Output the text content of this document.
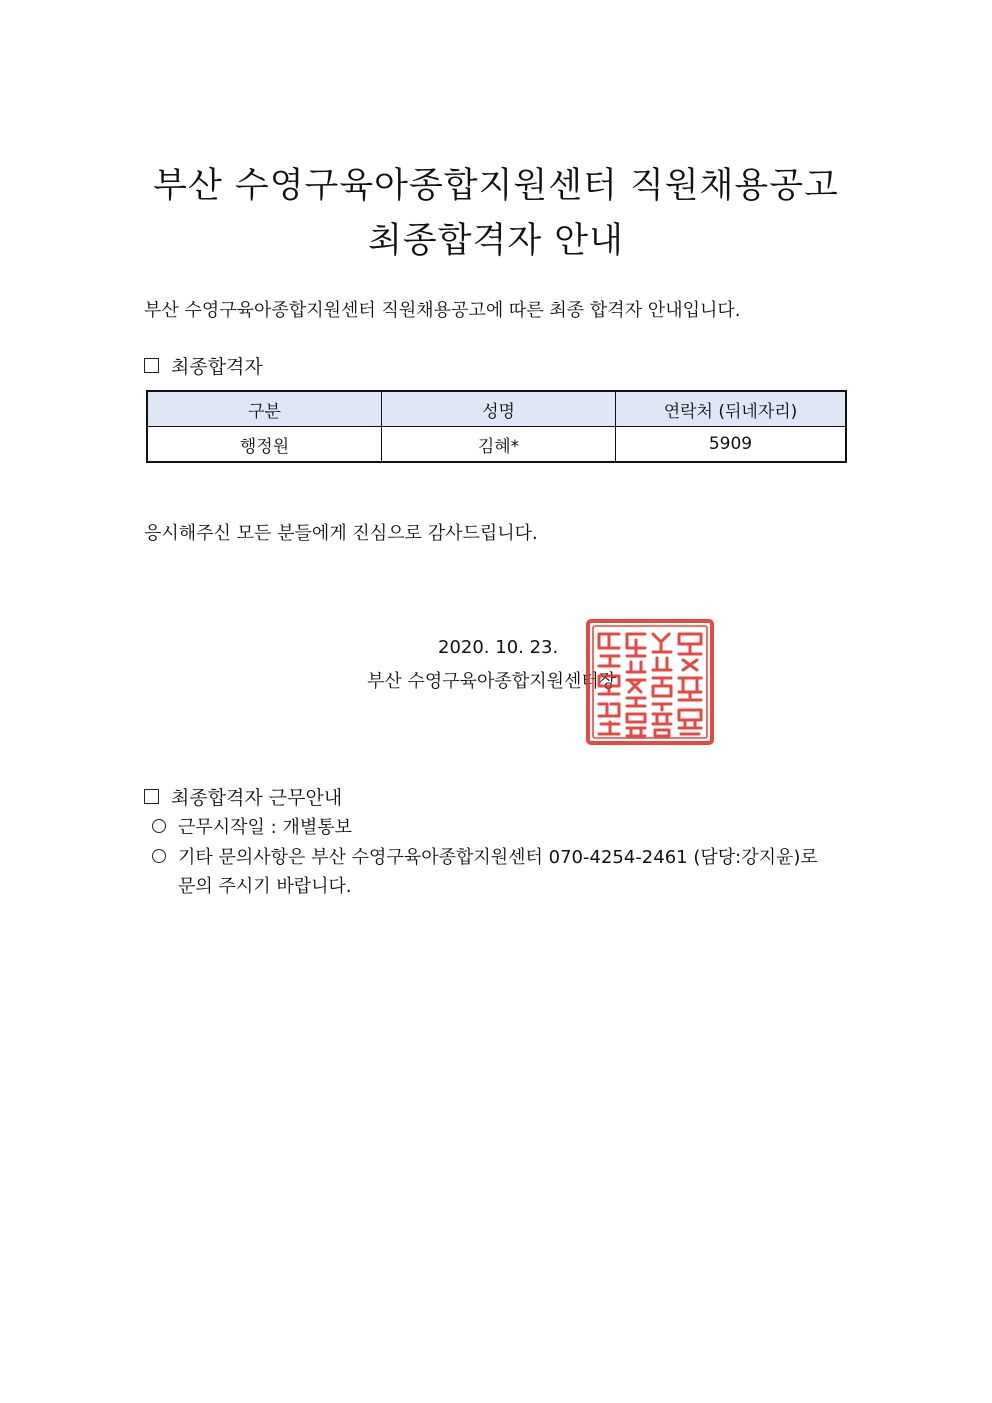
부산 수영구육아종합지원센터 직원채용공고
최종합격자 안내

부산 수영구육아종합지원센터 직원채용공고에 따른 최종 합격자 안내입니다.

최종합격자
구분	성명	연락처 (뒤네자리)
행정원	김혜*	5909

응시해주신 모든 분들에게 진심으로 감사드립니다.

2020. 10. 23.
부산 수영구육아종합지원센터장
최종합격자 근무안내
근무시작일 : 개별통보
기타 문의사항은 부산 수영구육아종합지원센터 070-4254-2461 (담당:강지윤)로
문의 주시기 바랍니다.
